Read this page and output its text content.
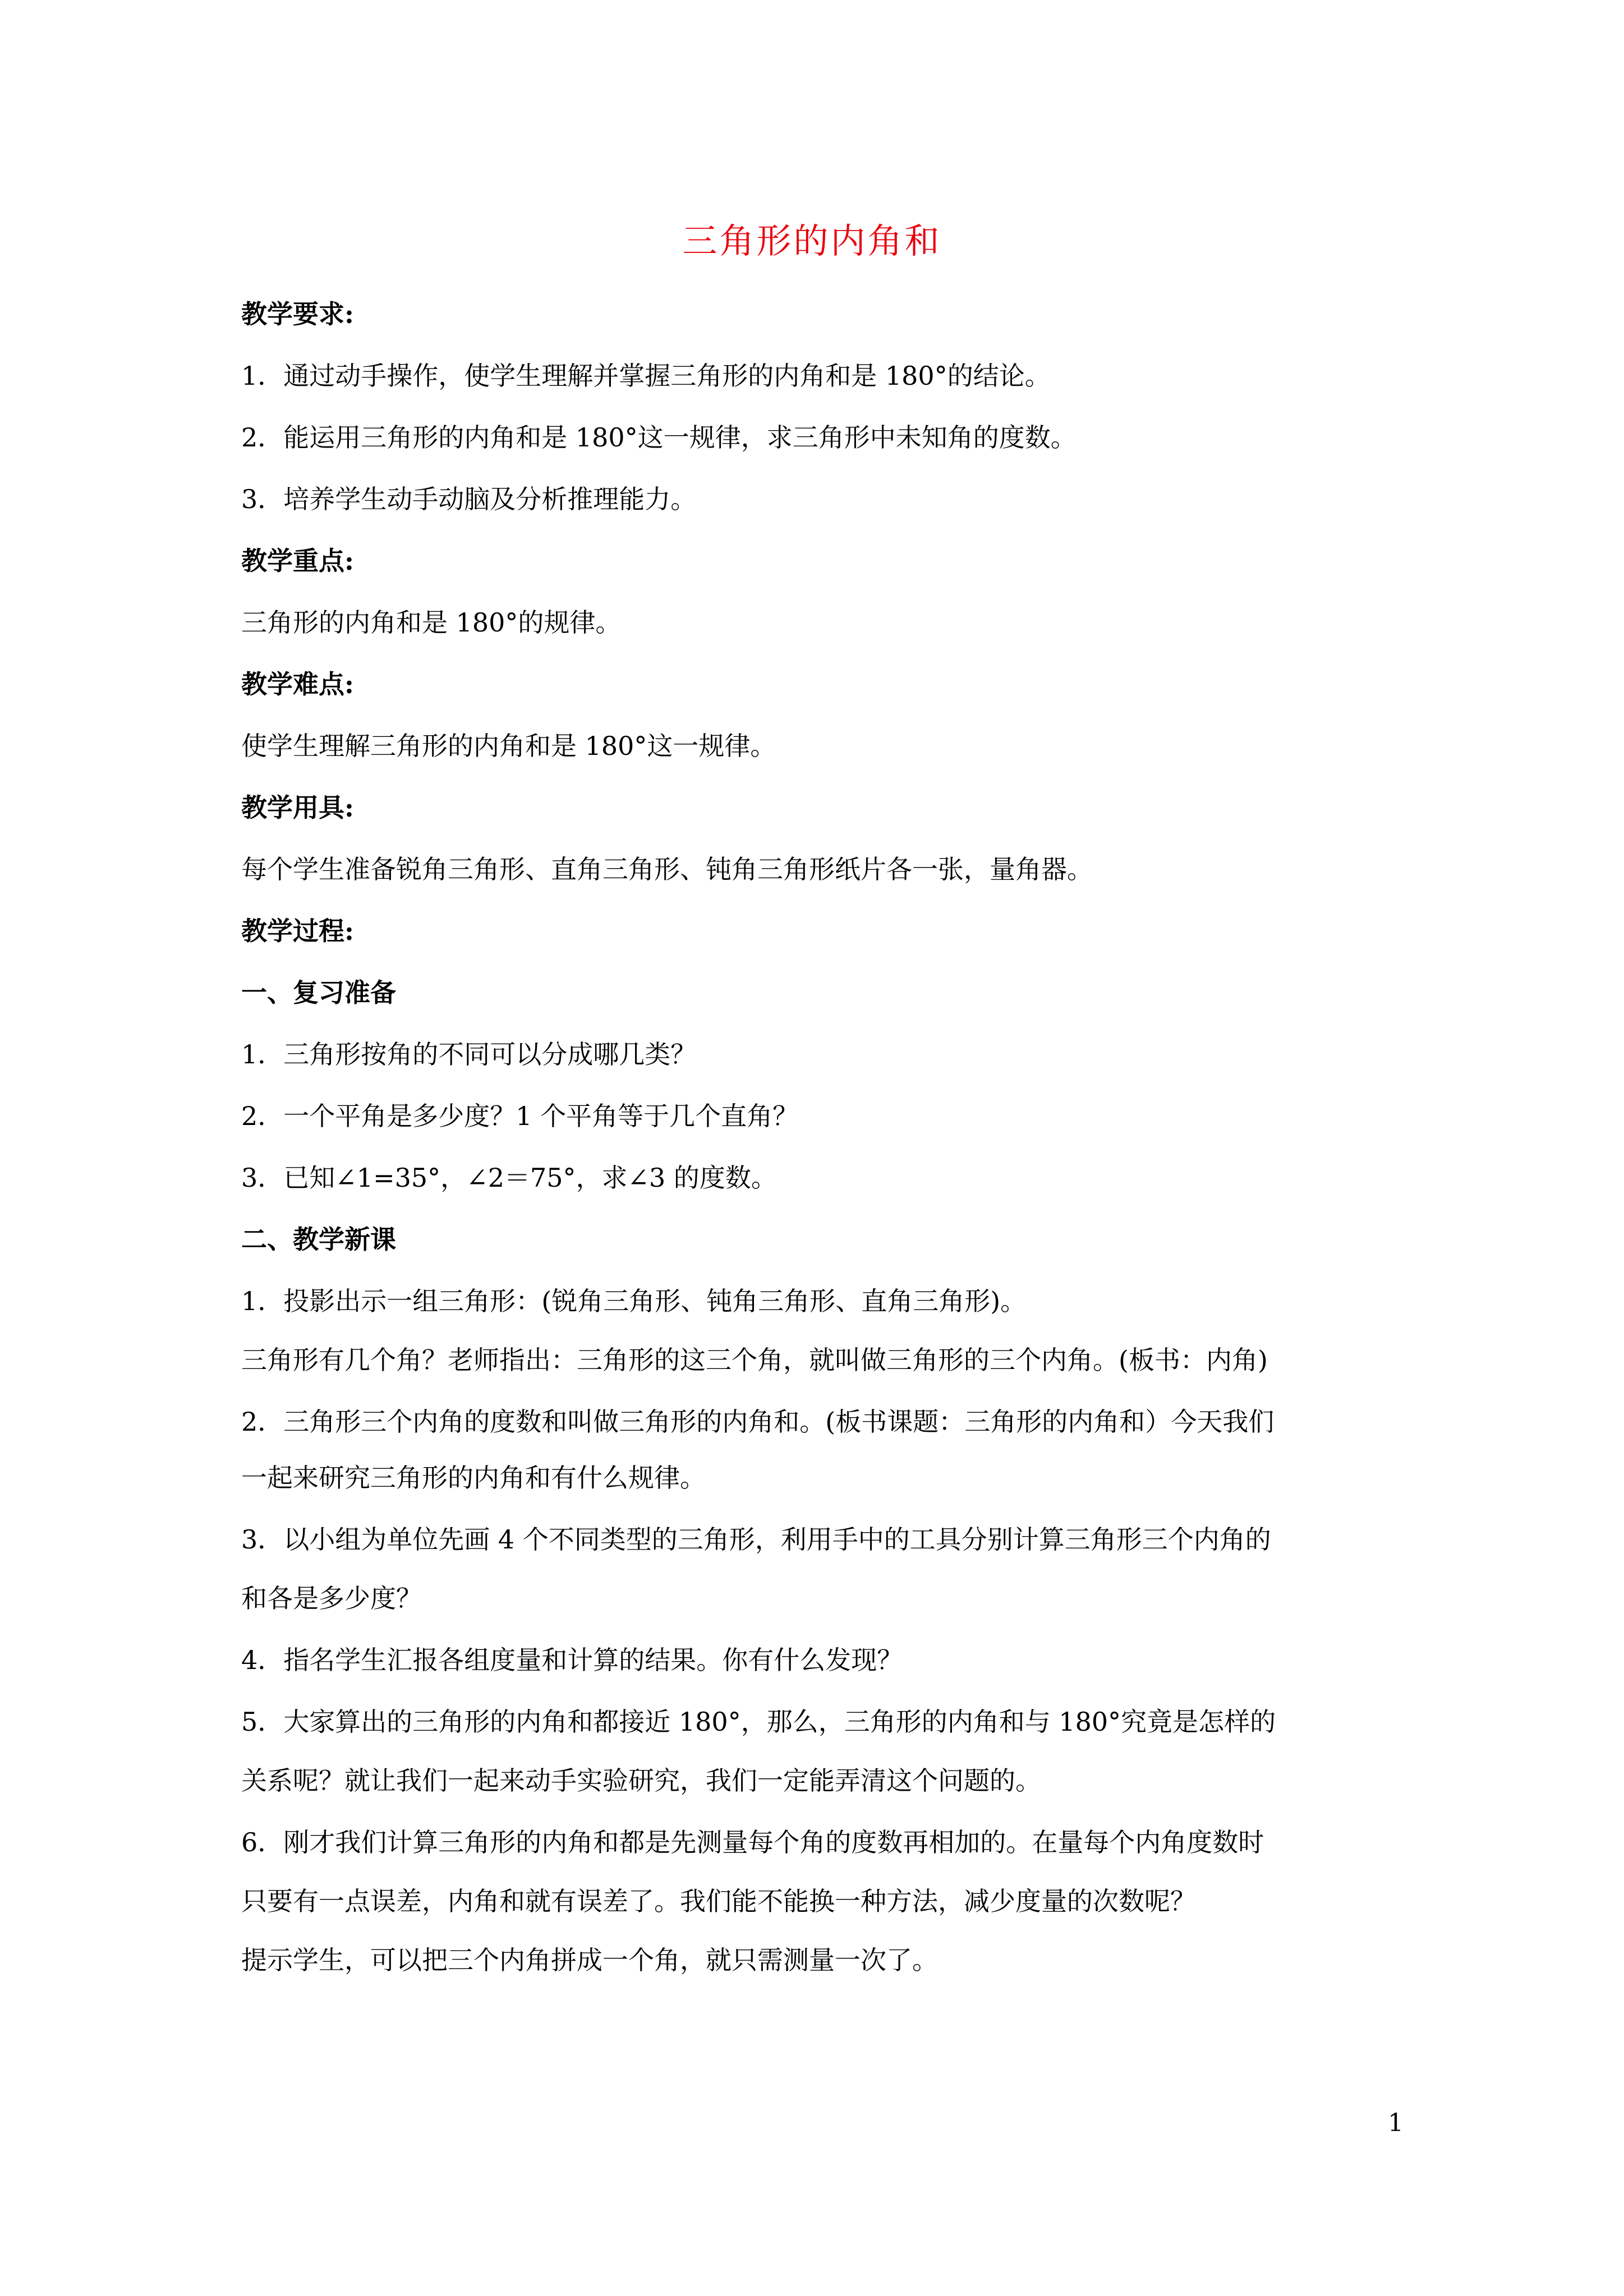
三角形的内角和

教学要求:

1．通过动手操作，使学生理解并掌握三角形的内角和是 180°的结论。

2．能运用三角形的内角和是 180°这一规律，求三角形中未知角的度数。

3．培养学生动手动脑及分析推理能力。

教学重点:

三角形的内角和是 180°的规律。

教学难点:

使学生理解三角形的内角和是 180°这一规律。

教学用具:

每个学生准备锐角三角形、直角三角形、钝角三角形纸片各一张，量角器。

教学过程:

一、复习准备

1．三角形按角的不同可以分成哪几类？

2．一个平角是多少度？1 个平角等于几个直角？

3．已知∠1=35°，∠2＝75°，求∠3 的度数。

二、教学新课

1．投影出示一组三角形：(锐角三角形、钝角三角形、直角三角形)。

三角形有几个角？老师指出：三角形的这三个角，就叫做三角形的三个内角。(板书：内角)

2．三角形三个内角的度数和叫做三角形的内角和。(板书课题：三角形的内角和）今天我们

一起来研究三角形的内角和有什么规律。

3．以小组为单位先画 4 个不同类型的三角形，利用手中的工具分别计算三角形三个内角的

和各是多少度？

4．指名学生汇报各组度量和计算的结果。你有什么发现？

5．大家算出的三角形的内角和都接近 180°，那么，三角形的内角和与 180°究竟是怎样的

关系呢？就让我们一起来动手实验研究，我们一定能弄清这个问题的。

6．刚才我们计算三角形的内角和都是先测量每个角的度数再相加的。在量每个内角度数时

只要有一点误差，内角和就有误差了。我们能不能换一种方法，减少度量的次数呢？

提示学生，可以把三个内角拼成一个角，就只需测量一次了。

1
